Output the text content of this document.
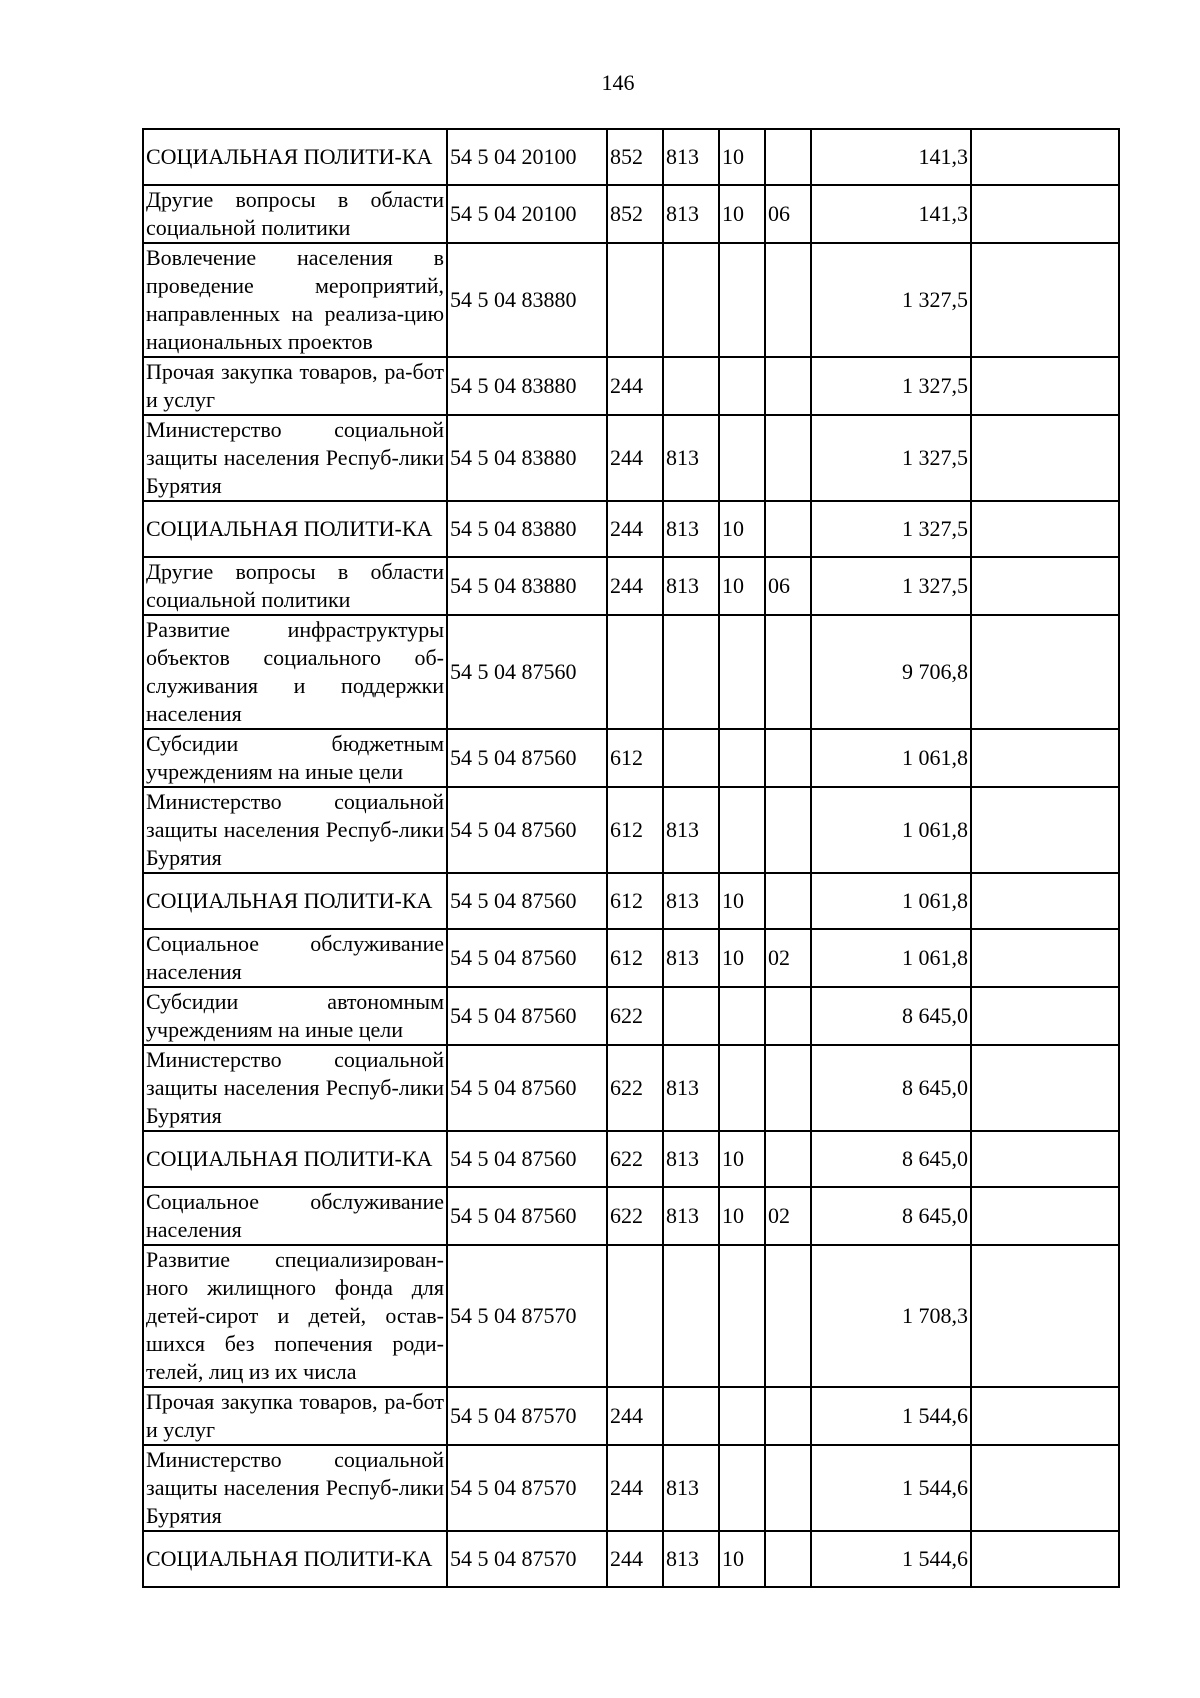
146
СОЦИАЛЬНАЯ ПОЛИТИ-КА	54 5 04 20100	852	813	10		141,3	
Другие вопросы в области социальной политики	54 5 04 20100	852	813	10	06	141,3	
Вовлечение населения в проведение мероприятий, направленных на реализа-цию национальных проектов	54 5 04 83880					1 327,5	
Прочая закупка товаров, ра-бот и услуг	54 5 04 83880	244				1 327,5	
Министерство социальной защиты населения Респуб-лики Бурятия	54 5 04 83880	244	813			1 327,5	
СОЦИАЛЬНАЯ ПОЛИТИ-КА	54 5 04 83880	244	813	10		1 327,5	
Другие вопросы в области социальной политики	54 5 04 83880	244	813	10	06	1 327,5	
Развитие инфраструктуры объектов социального об-служивания и поддержки населения	54 5 04 87560					9 706,8	
Субсидии бюджетным учреждениям на иные цели	54 5 04 87560	612				1 061,8	
Министерство социальной защиты населения Респуб-лики Бурятия	54 5 04 87560	612	813			1 061,8	
СОЦИАЛЬНАЯ ПОЛИТИ-КА	54 5 04 87560	612	813	10		1 061,8	
Социальное обслуживание населения	54 5 04 87560	612	813	10	02	1 061,8	
Субсидии автономным учреждениям на иные цели	54 5 04 87560	622				8 645,0	
Министерство социальной защиты населения Респуб-лики Бурятия	54 5 04 87560	622	813			8 645,0	
СОЦИАЛЬНАЯ ПОЛИТИ-КА	54 5 04 87560	622	813	10		8 645,0	
Социальное обслуживание населения	54 5 04 87560	622	813	10	02	8 645,0	
Развитие специализирован-ного жилищного фонда для детей-сирот и детей, остав-шихся без попечения роди-телей, лиц из их числа	54 5 04 87570					1 708,3	
Прочая закупка товаров, ра-бот и услуг	54 5 04 87570	244				1 544,6	
Министерство социальной защиты населения Респуб-лики Бурятия	54 5 04 87570	244	813			1 544,6	
СОЦИАЛЬНАЯ ПОЛИТИ-КА	54 5 04 87570	244	813	10		1 544,6	
